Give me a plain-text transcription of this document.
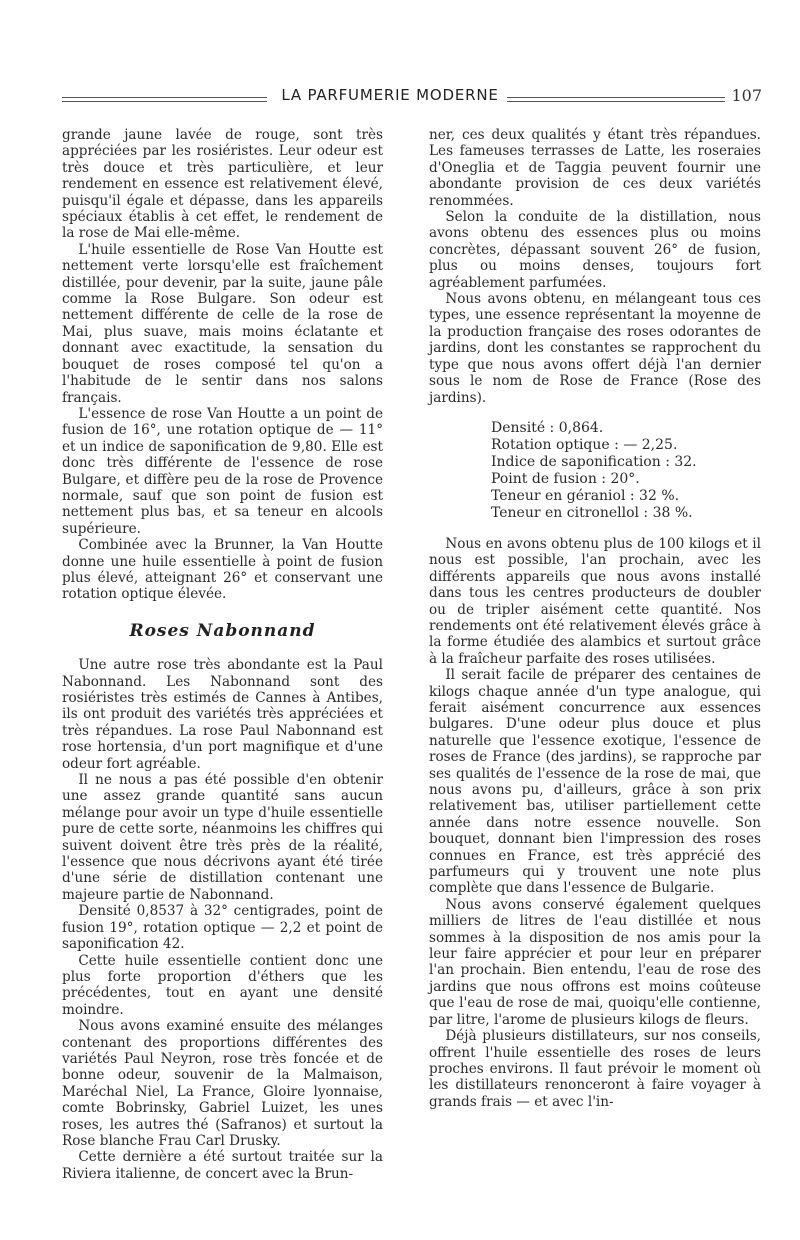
LA PARFUMERIE MODERNE	107

grande jaune lavée de rouge, sont très appréciées par les rosiéristes. Leur odeur est très douce et très particulière, et leur rendement en essence est relativement élevé, puisqu'il égale et dépasse, dans les appareils spéciaux établis à cet effet, le rendement de la rose de Mai elle-même.

L'huile essentielle de Rose Van Houtte est nettement verte lorsqu'elle est fraîchement distillée, pour devenir, par la suite, jaune pâle comme la Rose Bulgare. Son odeur est nettement différente de celle de la rose de Mai, plus suave, mais moins éclatante et donnant avec exactitude, la sensation du bouquet de roses composé tel qu'on a l'habitude de le sentir dans nos salons français.

L'essence de rose Van Houtte a un point de fusion de 16°, une rotation optique de — 11° et un indice de saponification de 9,80. Elle est donc très différente de l'essence de rose Bulgare, et diffère peu de la rose de Provence normale, sauf que son point de fusion est nettement plus bas, et sa teneur en alcools supérieure.

Combinée avec la Brunner, la Van Houtte donne une huile essentielle à point de fusion plus élevé, atteignant 26° et conservant une rotation optique élevée.

Roses Nabonnand

Une autre rose très abondante est la Paul Nabonnand. Les Nabonnand sont des rosiéristes très estimés de Cannes à Antibes, ils ont produit des variétés très appréciées et très répandues. La rose Paul Nabonnand est rose hortensia, d'un port magnifique et d'une odeur fort agréable.

Il ne nous a pas été possible d'en obtenir une assez grande quantité sans aucun mélange pour avoir un type d'huile essentielle pure de cette sorte, néanmoins les chiffres qui suivent doivent être très près de la réalité, l'essence que nous décrivons ayant été tirée d'une série de distillation contenant une majeure partie de Nabonnand.

Densité 0,8537 à 32° centigrades, point de fusion 19°, rotation optique — 2,2 et point de saponification 42.

Cette huile essentielle contient donc une plus forte proportion d'éthers que les précédentes, tout en ayant une densité moindre.

Nous avons examiné ensuite des mélanges contenant des proportions différentes des variétés Paul Neyron, rose très foncée et de bonne odeur, souvenir de la Malmaison, Maréchal Niel, La France, Gloire lyonnaise, comte Bobrinsky, Gabriel Luizet, les unes roses, les autres thé (Safranos) et surtout la Rose blanche Frau Carl Drusky.

Cette dernière a été surtout traitée sur la Riviera italienne, de concert avec la Brun-

ner, ces deux qualités y étant très répandues. Les fameuses terrasses de Latte, les roseraies d'Oneglia et de Taggia peuvent fournir une abondante provision de ces deux variétés renommées.

Selon la conduite de la distillation, nous avons obtenu des essences plus ou moins concrètes, dépassant souvent 26° de fusion, plus ou moins denses, toujours fort agréablement parfumées.

Nous avons obtenu, en mélangeant tous ces types, une essence représentant la moyenne de la production française des roses odorantes de jardins, dont les constantes se rapprochent du type que nous avons offert déjà l'an dernier sous le nom de Rose de France (Rose des jardins).

Densité : 0,864.
Rotation optique : — 2,25.
Indice de saponification : 32.
Point de fusion : 20°.
Teneur en géraniol : 32 %.
Teneur en citronellol : 38 %.

Nous en avons obtenu plus de 100 kilogs et il nous est possible, l'an prochain, avec les différents appareils que nous avons installé dans tous les centres producteurs de doubler ou de tripler aisément cette quantité. Nos rendements ont été relativement élevés grâce à la forme étudiée des alambics et surtout grâce à la fraîcheur parfaite des roses utilisées.

Il serait facile de préparer des centaines de kilogs chaque année d'un type analogue, qui ferait aisément concurrence aux essences bulgares. D'une odeur plus douce et plus naturelle que l'essence exotique, l'essence de roses de France (des jardins), se rapproche par ses qualités de l'essence de la rose de mai, que nous avons pu, d'ailleurs, grâce à son prix relativement bas, utiliser partiellement cette année dans notre essence nouvelle. Son bouquet, donnant bien l'impression des roses connues en France, est très apprécié des parfumeurs qui y trouvent une note plus complète que dans l'essence de Bulgarie.

Nous avons conservé également quelques milliers de litres de l'eau distillée et nous sommes à la disposition de nos amis pour la leur faire apprécier et pour leur en préparer l'an prochain. Bien entendu, l'eau de rose des jardins que nous offrons est moins coûteuse que l'eau de rose de mai, quoiqu'elle contienne, par litre, l'arome de plusieurs kilogs de fleurs.

Déjà plusieurs distillateurs, sur nos conseils, offrent l'huile essentielle des roses de leurs proches environs. Il faut prévoir le moment où les distillateurs renonceront à faire voyager à grands frais — et avec l'in-
